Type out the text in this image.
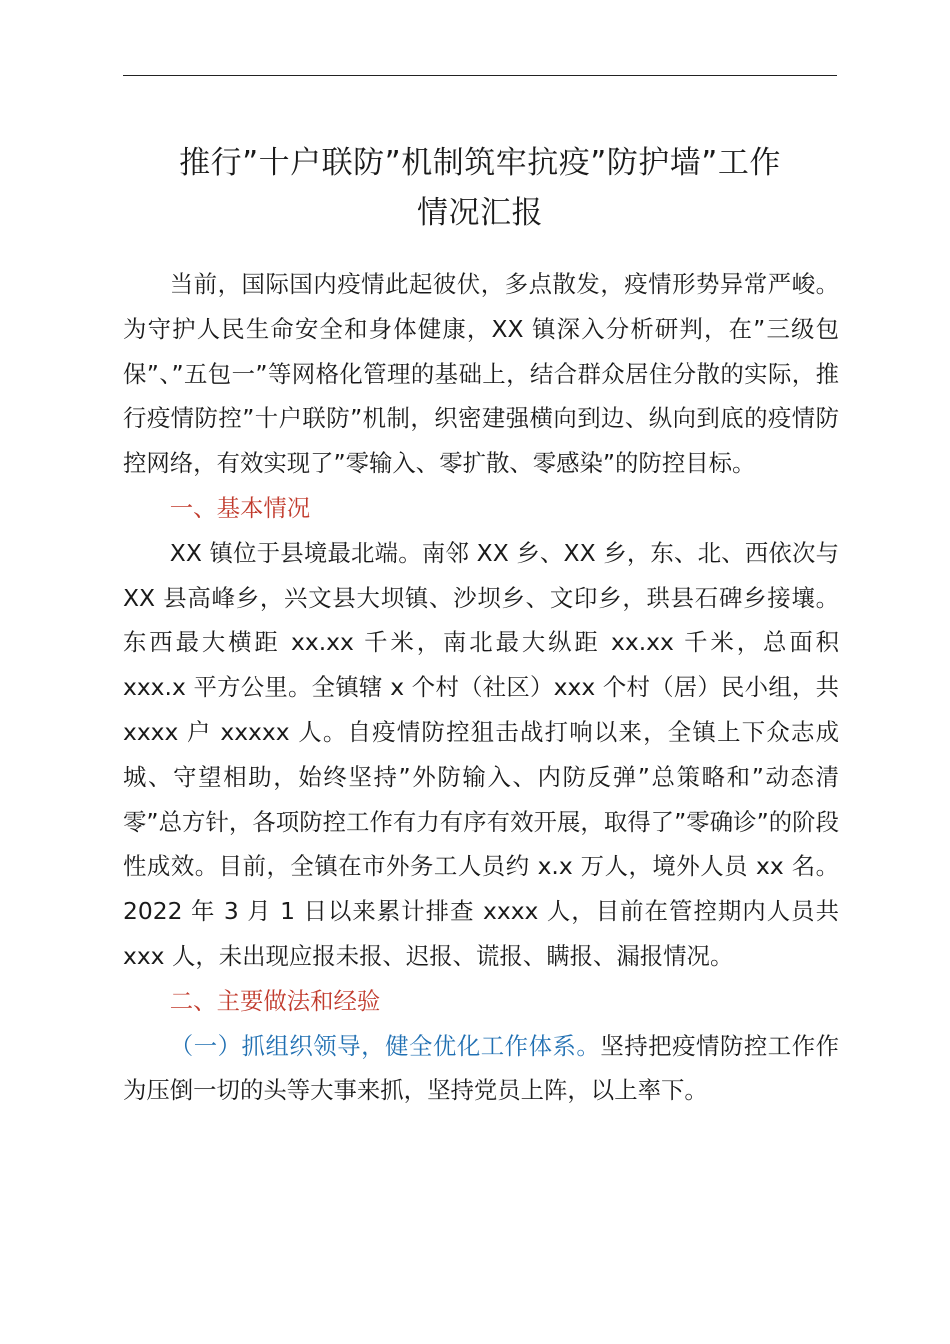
推行”十户联防”机制筑牢抗疫”防护墙”工作
情况汇报

当前，国际国内疫情此起彼伏，多点散发，疫情形势异常严峻。为守护人民生命安全和身体健康，XX 镇深入分析研判，在”三级包保”、”五包一”等网格化管理的基础上，结合群众居住分散的实际，推行疫情防控”十户联防”机制，织密建强横向到边、纵向到底的疫情防控网络，有效实现了”零输入、零扩散、零感染”的防控目标。

一、基本情况

XX 镇位于县境最北端。南邻 XX 乡、XX 乡，东、北、西依次与 XX 县高峰乡，兴文县大坝镇、沙坝乡、文印乡，珙县石碑乡接壤。东西最大横距 xx.xx 千米，南北最大纵距 xx.xx 千米，总面积 xxx.x 平方公里。全镇辖 x 个村（社区）xxx 个村（居）民小组，共 xxxx 户 xxxxx 人。自疫情防控狙击战打响以来，全镇上下众志成城、守望相助，始终坚持”外防输入、内防反弹”总策略和”动态清零”总方针，各项防控工作有力有序有效开展，取得了”零确诊”的阶段性成效。目前，全镇在市外务工人员约 x.x 万人，境外人员 xx 名。2022 年 3 月 1 日以来累计排查 xxxx 人，目前在管控期内人员共 xxx 人，未出现应报未报、迟报、谎报、瞒报、漏报情况。

二、主要做法和经验

（一）抓组织领导，健全优化工作体系。坚持把疫情防控工作作为压倒一切的头等大事来抓，坚持党员上阵，以上率下。
